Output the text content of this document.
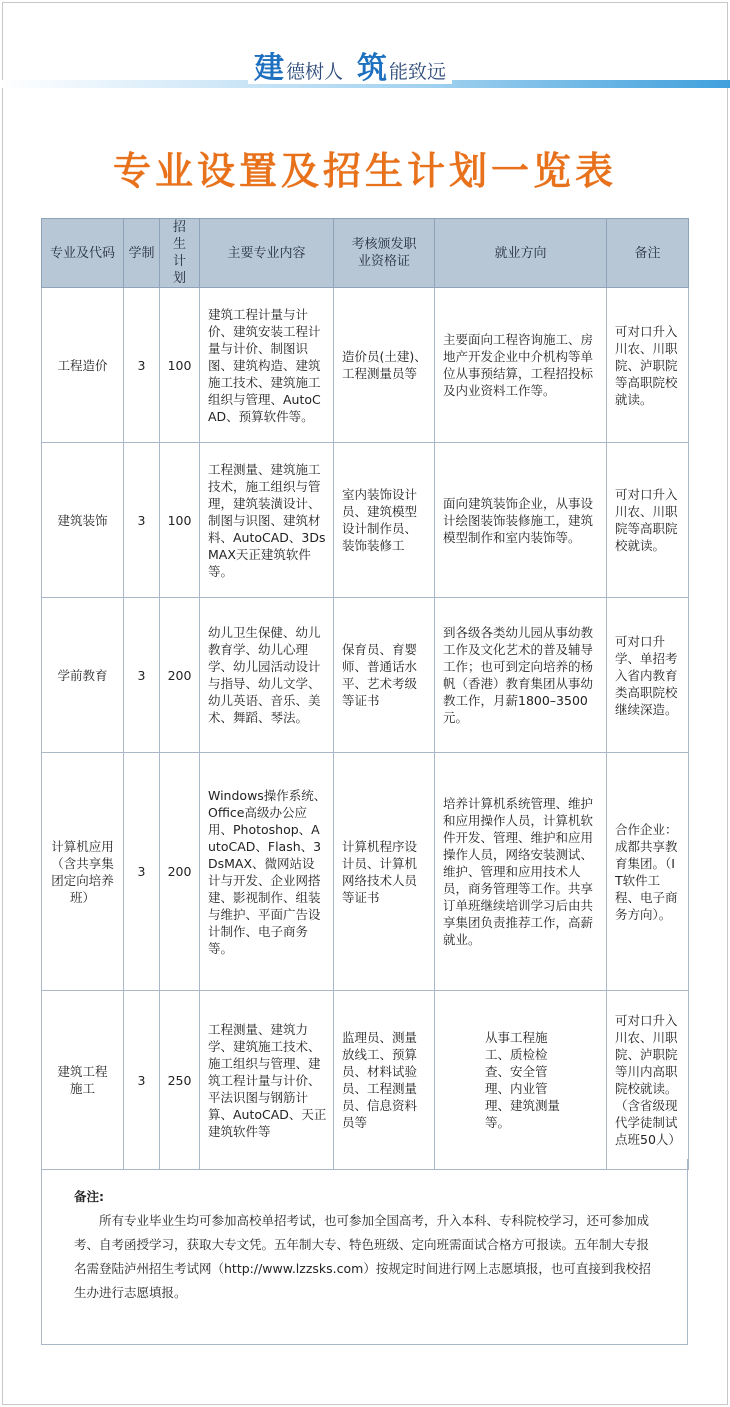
建 德树人 筑 能致远
专业设置及招生计划一览表
专业及代码	学制	招生计划	主要专业内容	考核颁发职业资格证	就业方向	备注
工程造价	3	100	建筑工程计量与计价、建筑安装工程计量与计价、制图识图、建筑构造、建筑施工技术、建筑施工组织与管理、AutoCAD、预算软件等。	造价员(土建)、工程测量员等	主要面向工程咨询施工、房地产开发企业中介机构等单位从事预结算，工程招投标及内业资料工作等。	可对口升入川农、川职院、泸职院等高职院校就读。
建筑装饰	3	100	工程测量、建筑施工技术，施工组织与管理，建筑装潢设计、制图与识图、建筑材料、AutoCAD、3DsMAX天正建筑软件等。	室内装饰设计员、建筑模型设计制作员、装饰装修工	面向建筑装饰企业，从事设计绘图装饰装修施工，建筑模型制作和室内装饰等。	可对口升入川农、川职院等高职院校就读。
学前教育	3	200	幼儿卫生保健、幼儿教育学、幼儿心理学、幼儿园活动设计与指导、幼儿文学、幼儿英语、音乐、美术、舞蹈、琴法。	保育员、育婴师、普通话水平、艺术考级等证书	到各级各类幼儿园从事幼教工作及文化艺术的普及辅导工作；也可到定向培养的杨帆（香港）教育集团从事幼教工作，月薪1800–3500元。	可对口升学、单招考入省内教育类高职院校继续深造。
计算机应用（含共享集团定向培养班）	3	200	Windows操作系统、Office高级办公应用、Photoshop、AutoCAD、Flash、3DsMAX、微网站设计与开发、企业网搭建、影视制作、组装与维护、平面广告设计制作、电子商务等。	计算机程序设计员、计算机网络技术人员等证书	培养计算机系统管理、维护和应用操作人员，计算机软件开发、管理、维护和应用操作人员，网络安装测试、维护、管理和应用技术人员，商务管理等工作。共享订单班继续培训学习后由共享集团负责推荐工作，高薪就业。	合作企业：成都共享教育集团。（IT软件工程、电子商务方向）。
建筑工程施工	3	250	工程测量、建筑力学、建筑施工技术、施工组织与管理、建筑工程计量与计价、平法识图与钢筋计算、AutoCAD、天正建筑软件等	监理员、测量放线工、预算员、材料试验员、工程测量员、信息资料员等	从事工程施工、质检检查、安全管理、内业管理、建筑测量等。	可对口升入川农、川职院、泸职院等川内高职院校就读。（含省级现代学徒制试点班50人）
备注:
所有专业毕业生均可参加高校单招考试，也可参加全国高考，升入本科、专科院校学习，还可参加成考、自考函授学习，获取大专文凭。五年制大专、特色班级、定向班需面试合格方可报读。五年制大专报名需登陆泸州招生考试网（http://www.lzzsks.com）按规定时间进行网上志愿填报，也可直接到我校招生办进行志愿填报。
